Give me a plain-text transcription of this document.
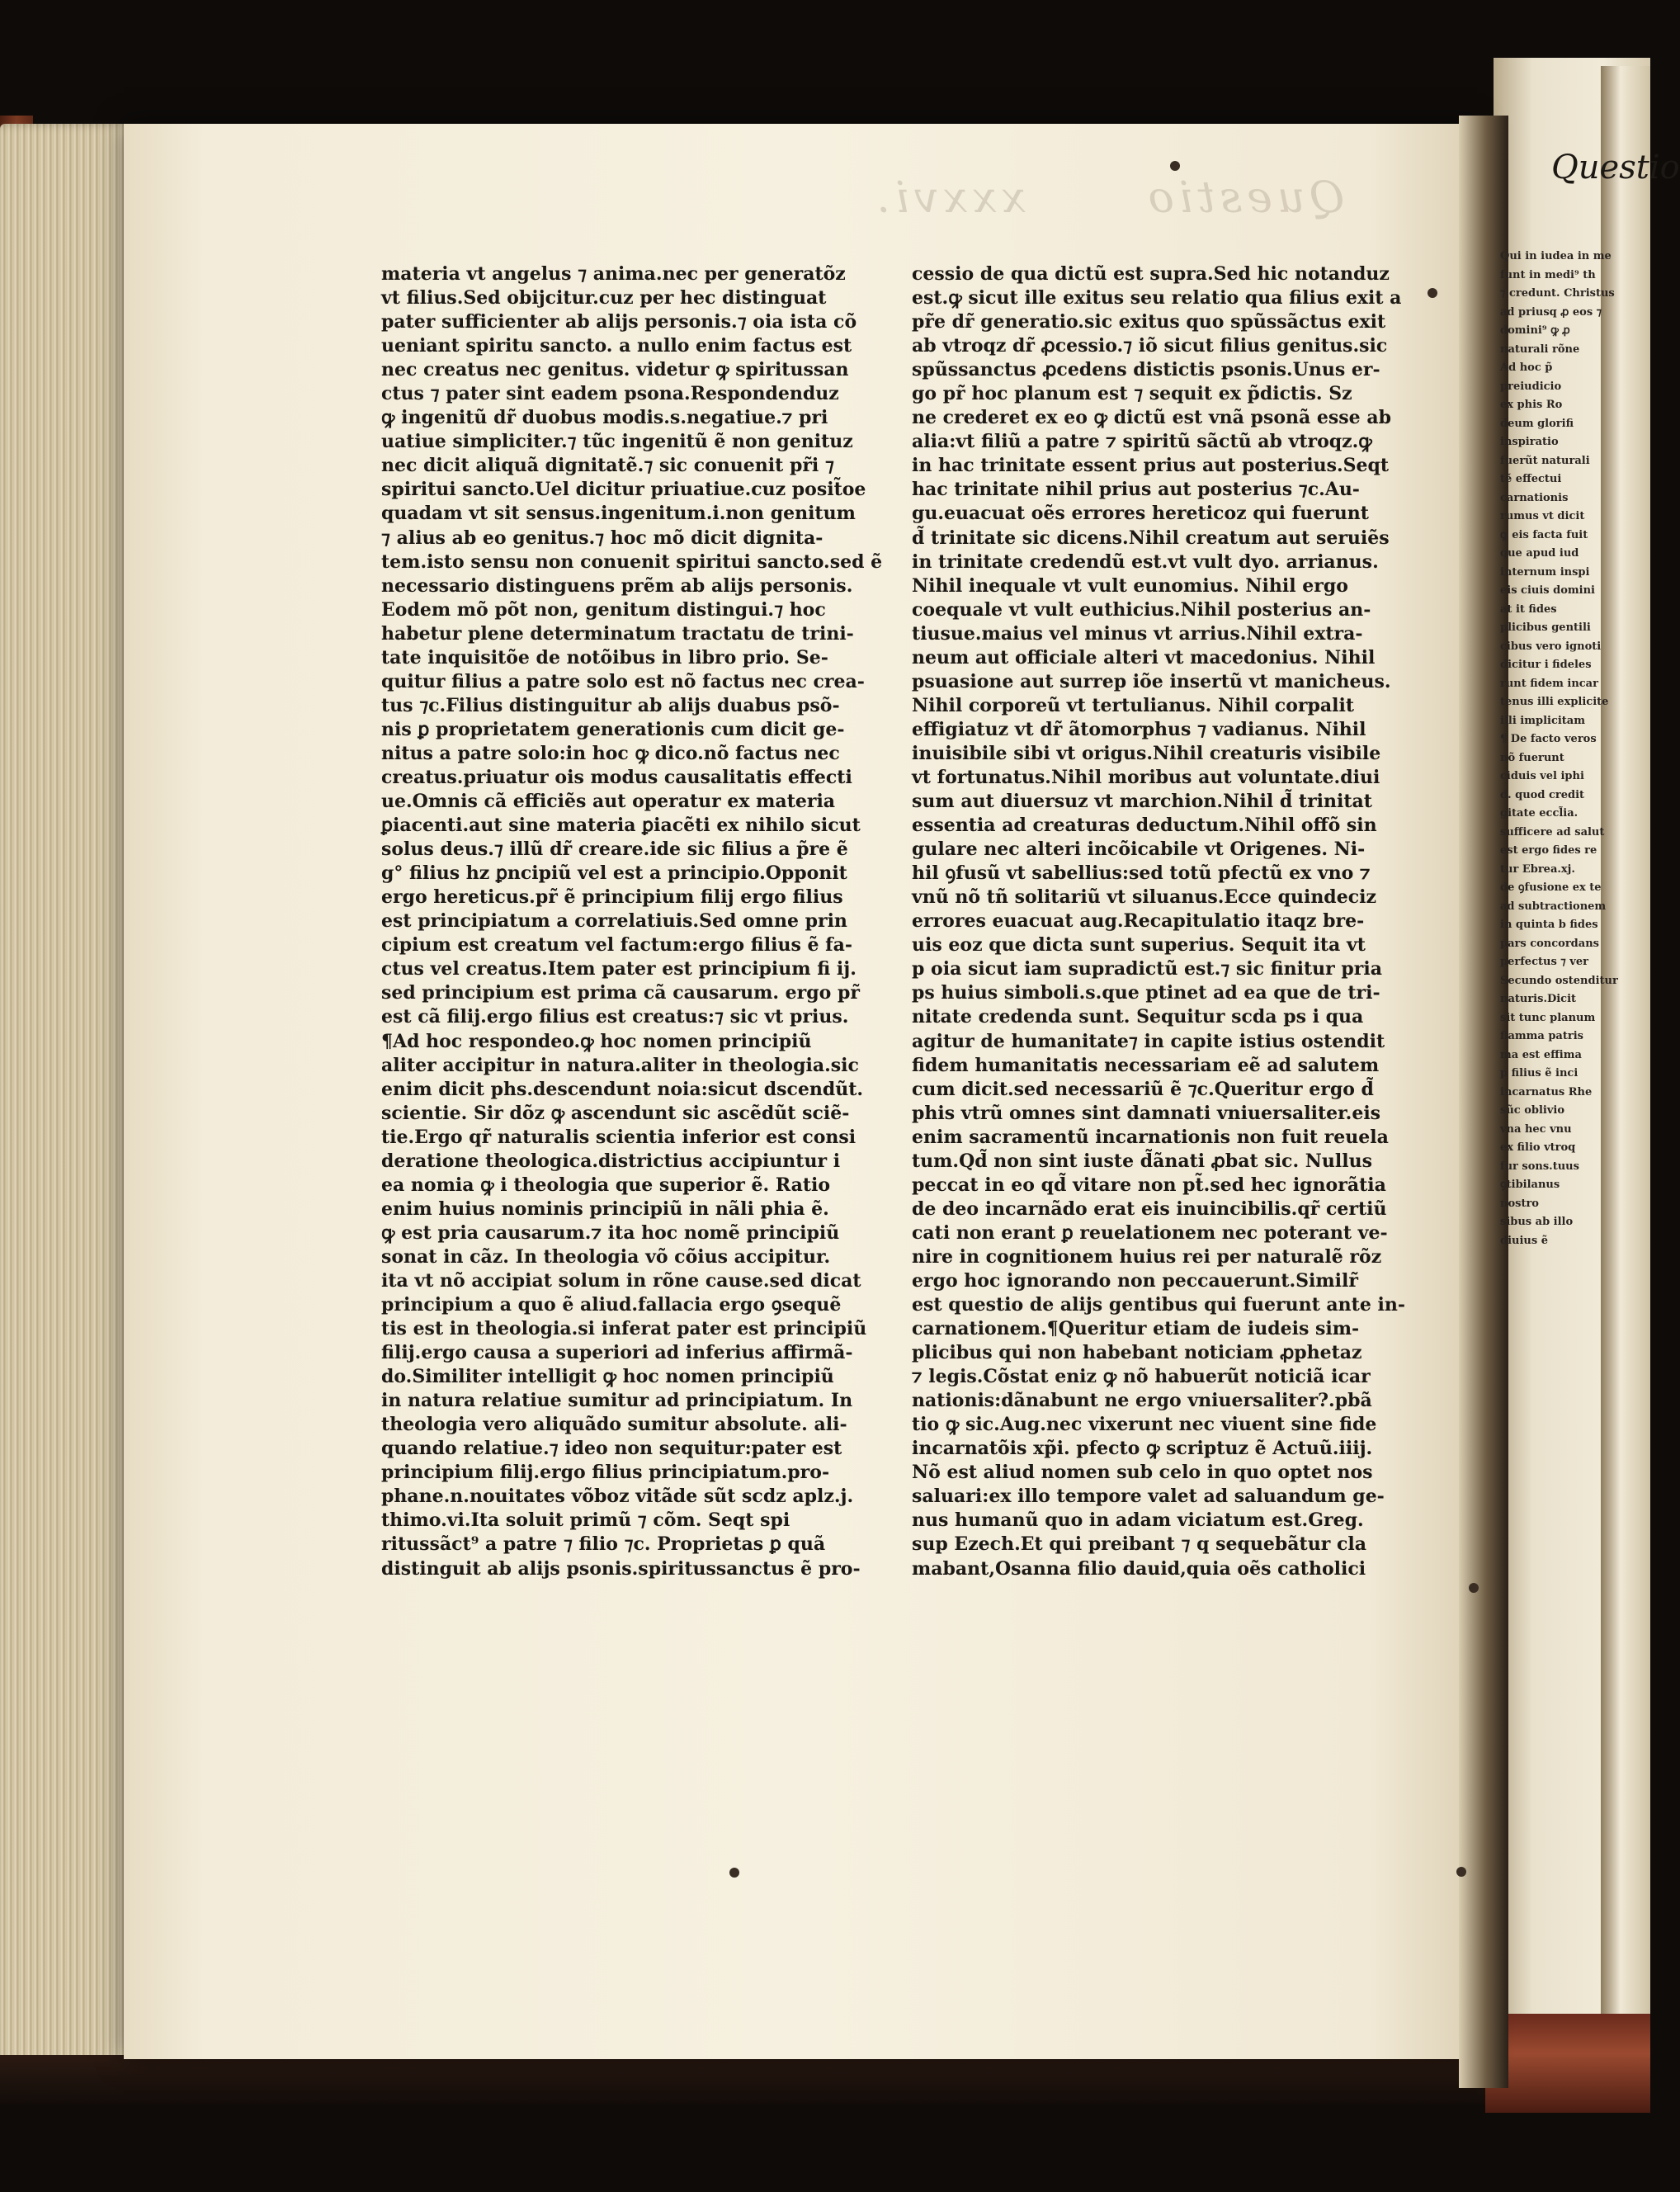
Questio xxxvi.
materia vt angelus ⁊ anima.nec per generatõz
vt filius.Sed obijcitur.cuz per hec distinguat
pater sufficienter ab alijs personis.⁊ oia ista cõ
ueniant spiritu sancto. a nullo enim factus est
nec creatus nec genitus. videtur ꝙ spiritussan
ctus ⁊ pater sint eadem psona.Respondenduz
ꝙ ingenitũ dr̃ duobus modis.s.negatiue.⁊ pri
uatiue simpliciter.⁊ tũc ingenitũ ẽ non genituz
nec dicit aliquã dignitatẽ.⁊ sic conuenit pr̃i ⁊
spiritui sancto.Uel dicitur priuatiue.cuz posit̃oe
quadam vt sit sensus.ingenitum.i.non genitum
⁊ alius ab eo genitus.⁊ hoc mõ dicit dignita-
tem.isto sensu non conuenit spiritui sancto.sed ẽ
necessario distinguens prẽm ab alijs personis.
Eodem mõ põt non, genitum distingui.⁊ hoc
habetur plene determinatum tractatu de trini-
tate inquisitõe de notõibus in libro prio. Se-
quitur filius a patre solo est nõ factus nec crea-
tus ⁊c.Filius distinguitur ab alijs duabus psõ-
nis ꝑ proprietatem generationis cum dicit ge-
nitus a patre solo:in hoc ꝙ dico.nõ factus nec
creatus.priuatur ois modus causalitatis effecti
ue.Omnis cã efficiẽs aut operatur ex materia
ꝑiacenti.aut sine materia ꝑiacẽti ex nihilo sicut
solus deus.⁊ illũ dr̃ creare.ide sic filius a p̃re ẽ
g° filius hz ꝑncipiũ vel est a principio.Opponit
ergo hereticus.pr̃ ẽ principium filij ergo filius
est principiatum a correlatiuis.Sed omne prin
cipium est creatum vel factum:ergo filius ẽ fa-
ctus vel creatus.Item pater est principium fi ij.
sed principium est prima cã causarum. ergo pr̃
est cã filij.ergo filius est creatus:⁊ sic vt prius.
¶Ad hoc respondeo.ꝙ hoc nomen principiũ
aliter accipitur in natura.aliter in theologia.sic
enim dicit phs.descendunt noia:sicut dscendũt.
scientie. Sir dõz ꝙ ascendunt sic ascẽdũt sciẽ-
tie.Ergo qr̃ naturalis scientia inferior est consi
deratione theologica.districtius accipiuntur i
ea nomia ꝙ i theologia que superior ẽ. Ratio
enim huius nominis principiũ in nãli phia ẽ.
ꝙ est pria causarum.⁊ ita hoc nomẽ principiũ
sonat in cãz. In theologia võ cõius accipitur.
ita vt nõ accipiat solum in rõne cause.sed dicat
principium a quo ẽ aliud.fallacia ergo ꝯsequẽ
tis est in theologia.si inferat pater est principiũ
filij.ergo causa a superiori ad inferius affirmã-
do.Similiter intelligit ꝙ hoc nomen principiũ
in natura relatiue sumitur ad principiatum. In
theologia vero aliquãdo sumitur absolute. ali-
quando relatiue.⁊ ideo non sequitur:pater est
principium filij.ergo filius principiatum.pro-
phane.n.nouitates võboz vitãde sũt scdz aplz.j.
thimo.vi.Ita soluit primũ ⁊ cõm. Seqt spi
ritussãct⁹ a patre ⁊ filio ⁊c. Proprietas ꝑ quã
distinguit ab alijs psonis.spiritussanctus ẽ pro-
cessio de qua dictũ est supra.Sed hic notanduz
est.ꝙ sicut ille exitus seu relatio qua filius exit a
pr̃e dr̃ generatio.sic exitus quo spũssãctus exit
ab vtroqz dr̃ ꝓcessio.⁊ iõ sicut filius genitus.sic
spũssanctus ꝓcedens distictis psonis.Unus er-
go pr̃ hoc planum est ⁊ sequit ex p̃dictis. Sz
ne crederet ex eo ꝙ dictũ est vnã psonã esse ab
alia:vt filiũ a patre ⁊ spiritũ sãctũ ab vtroqz.ꝙ
in hac trinitate essent prius aut posterius.Seqt
hac trinitate nihil prius aut posterius ⁊c.Au-
gu.euacuat oẽs errores hereticoz qui fuerunt
d̃ trinitate sic dicens.Nihil creatum aut seruiẽs
in trinitate credendũ est.vt vult dyo. arrianus.
Nihil inequale vt vult eunomius. Nihil ergo
coequale vt vult euthicius.Nihil posterius an-
tiusue.maius vel minus vt arrius.Nihil extra-
neum aut officiale alteri vt macedonius. Nihil
psuasione aut surrep iõe insertũ vt manicheus.
Nihil corporeũ vt tertulianus. Nihil corpalit
effigiatuz vt dr̃ ãtomorphus ⁊ vadianus. Nihil
inuisibile sibi vt origus.Nihil creaturis visibile
vt fortunatus.Nihil moribus aut voluntate.diui
sum aut diuersuz vt marchion.Nihil d̃ trinitat
essentia ad creaturas deductum.Nihil offõ sin
gulare nec alteri incõicabile vt Origenes. Ni-
hil ꝯfusũ vt sabellius:sed totũ pfectũ ex vno ⁊
vnũ nõ tñ solitariũ vt siluanus.Ecce quindeciz
errores euacuat aug.Recapitulatio itaqz bre-
uis eoz que dicta sunt superius. Sequit ita vt
p oia sicut iam supradictũ est.⁊ sic finitur pria
ps huius simboli.s.que ptinet ad ea que de tri-
nitate credenda sunt. Sequitur scda ps i qua
agitur de humanitate⁊ in capite istius ostendit
fidem humanitatis necessariam eẽ ad salutem
cum dicit.sed necessariũ ẽ ⁊c.Queritur ergo d̃
phis vtrũ omnes sint damnati vniuersaliter.eis
enim sacramentũ incarnationis non fuit reuela
tum.Qd̃ non sint iuste d̃ãnati ꝓbat sic. Nullus
peccat in eo qd̃ vitare non pt̃.sed hec ignorãtia
de deo incarnãdo erat eis inuincibilis.qr̃ certiũ
cati non erant ꝑ reuelationem nec poterant ve-
nire in cognitionem huius rei per naturalẽ rõz
ergo hoc ignorando non peccauerunt.Similr̃
est questio de alijs gentibus qui fuerunt ante in-
carnationem.¶Queritur etiam de iudeis sim-
plicibus qui non habebant noticiam ꝓphetaz
⁊ legis.Cõstat eniz ꝙ nõ habuerũt noticiã icar
nationis:dãnabunt ne ergo vniuersaliter?.pbã
tio ꝙ sic.Aug.nec vixerunt nec viuent sine fide
incarnatõis xp̃i. pfecto ꝙ scriptuz ẽ Actuũ.iiij.
Nõ est aliud nomen sub celo in quo optet nos
saluari:ex illo tempore valet ad saluandum ge-
nus humanũ quo in adam viciatum est.Greg.
sup Ezech.Et qui preibant ⁊ q sequebãtur cla
mabant,Osanna filio dauid,quia oẽs catholici
Questio
Qui in iudea in me
funt in medi⁹ th
⁊ credunt. Christus
ad priusq ꝓ eos ⁊
domini⁹ ꝙ ꝓ
naturali rõne
Ad hoc p̃
preiudicio
ex phis Ro
deum glorifi
inspiratio
fuerũt naturali
tẽ effectui
carnationis
rumus vt dicit
ꝙ eis facta fuit
que apud iud
internum inspi
eis ciuis domini
at it fides
plicibus gentili
cibus vero ignoti
dicitur i fideles
runt fidem incar
tenus illi explicite
illi implicitam
¶ De facto veros
nõ fuerunt
ciduis vel iphi
d. quod credit
gitate eccl̃ia.
sufficere ad salut
est ergo fides re
tur Ebrea.xj.
de ꝯfusione ex te
ad subtractionem
in quinta b fides
pars concordans
perfectus ⁊ ver
Secundo ostenditur
naturis.Dicit
sit tunc planum
flamma patris
ma est effima
p filius ẽ inci
incarnatus Rhe
sũc oblivio
vna hec vnu
ex filio vtroq
fur sons.tuus
ꝯtibilanus
nostro
sibus ab illo
diuius ẽ
